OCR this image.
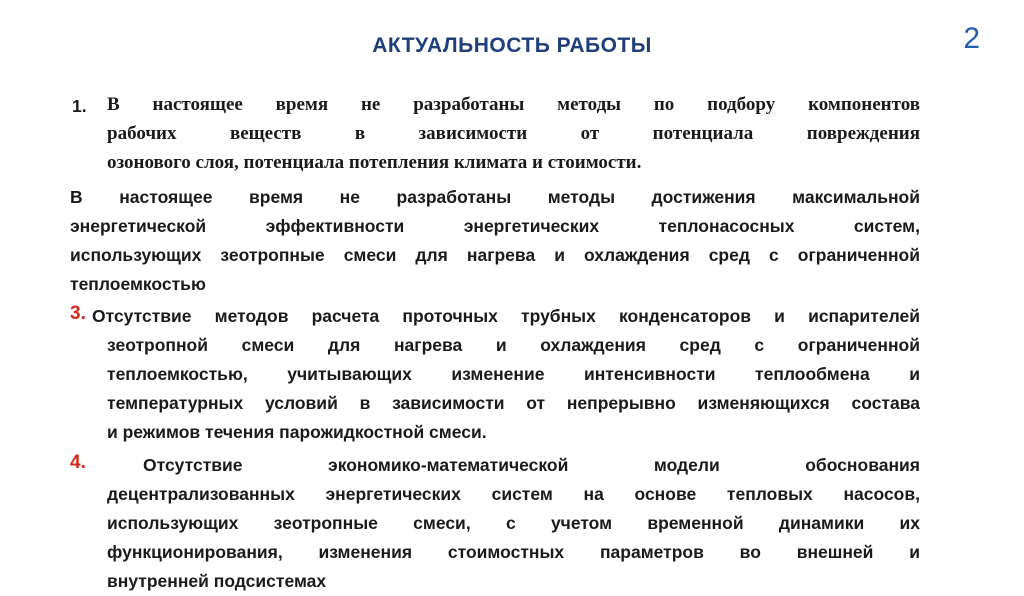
АКТУАЛЬНОСТЬ РАБОТЫ	2
1. В настоящее время не разработаны методы по подбору компонентов
рабочих веществ в зависимости от потенциала повреждения
озонового слоя, потенциала потепления климата и стоимости.
В настоящее время не разработаны методы достижения максимальной
энергетической эффективности энергетических теплонасосных систем,
использующих зеотропные смеси для нагрева и охлаждения сред с ограниченной
теплоемкостью
3. Отсутствие методов расчета проточных трубных конденсаторов и испарителей
зеотропной смеси для нагрева и охлаждения сред с ограниченной
теплоемкостью, учитывающих изменение интенсивности теплообмена и
температурных условий в зависимости от непрерывно изменяющихся состава
и режимов течения парожидкостной смеси.
4.	Отсутствие экономико-математической модели обоснования
децентрализованных энергетических систем на основе тепловых насосов,
использующих зеотропные смеси, с учетом временной динамики их
функционирования, изменения стоимостных параметров во внешней и
внутренней подсистемах
